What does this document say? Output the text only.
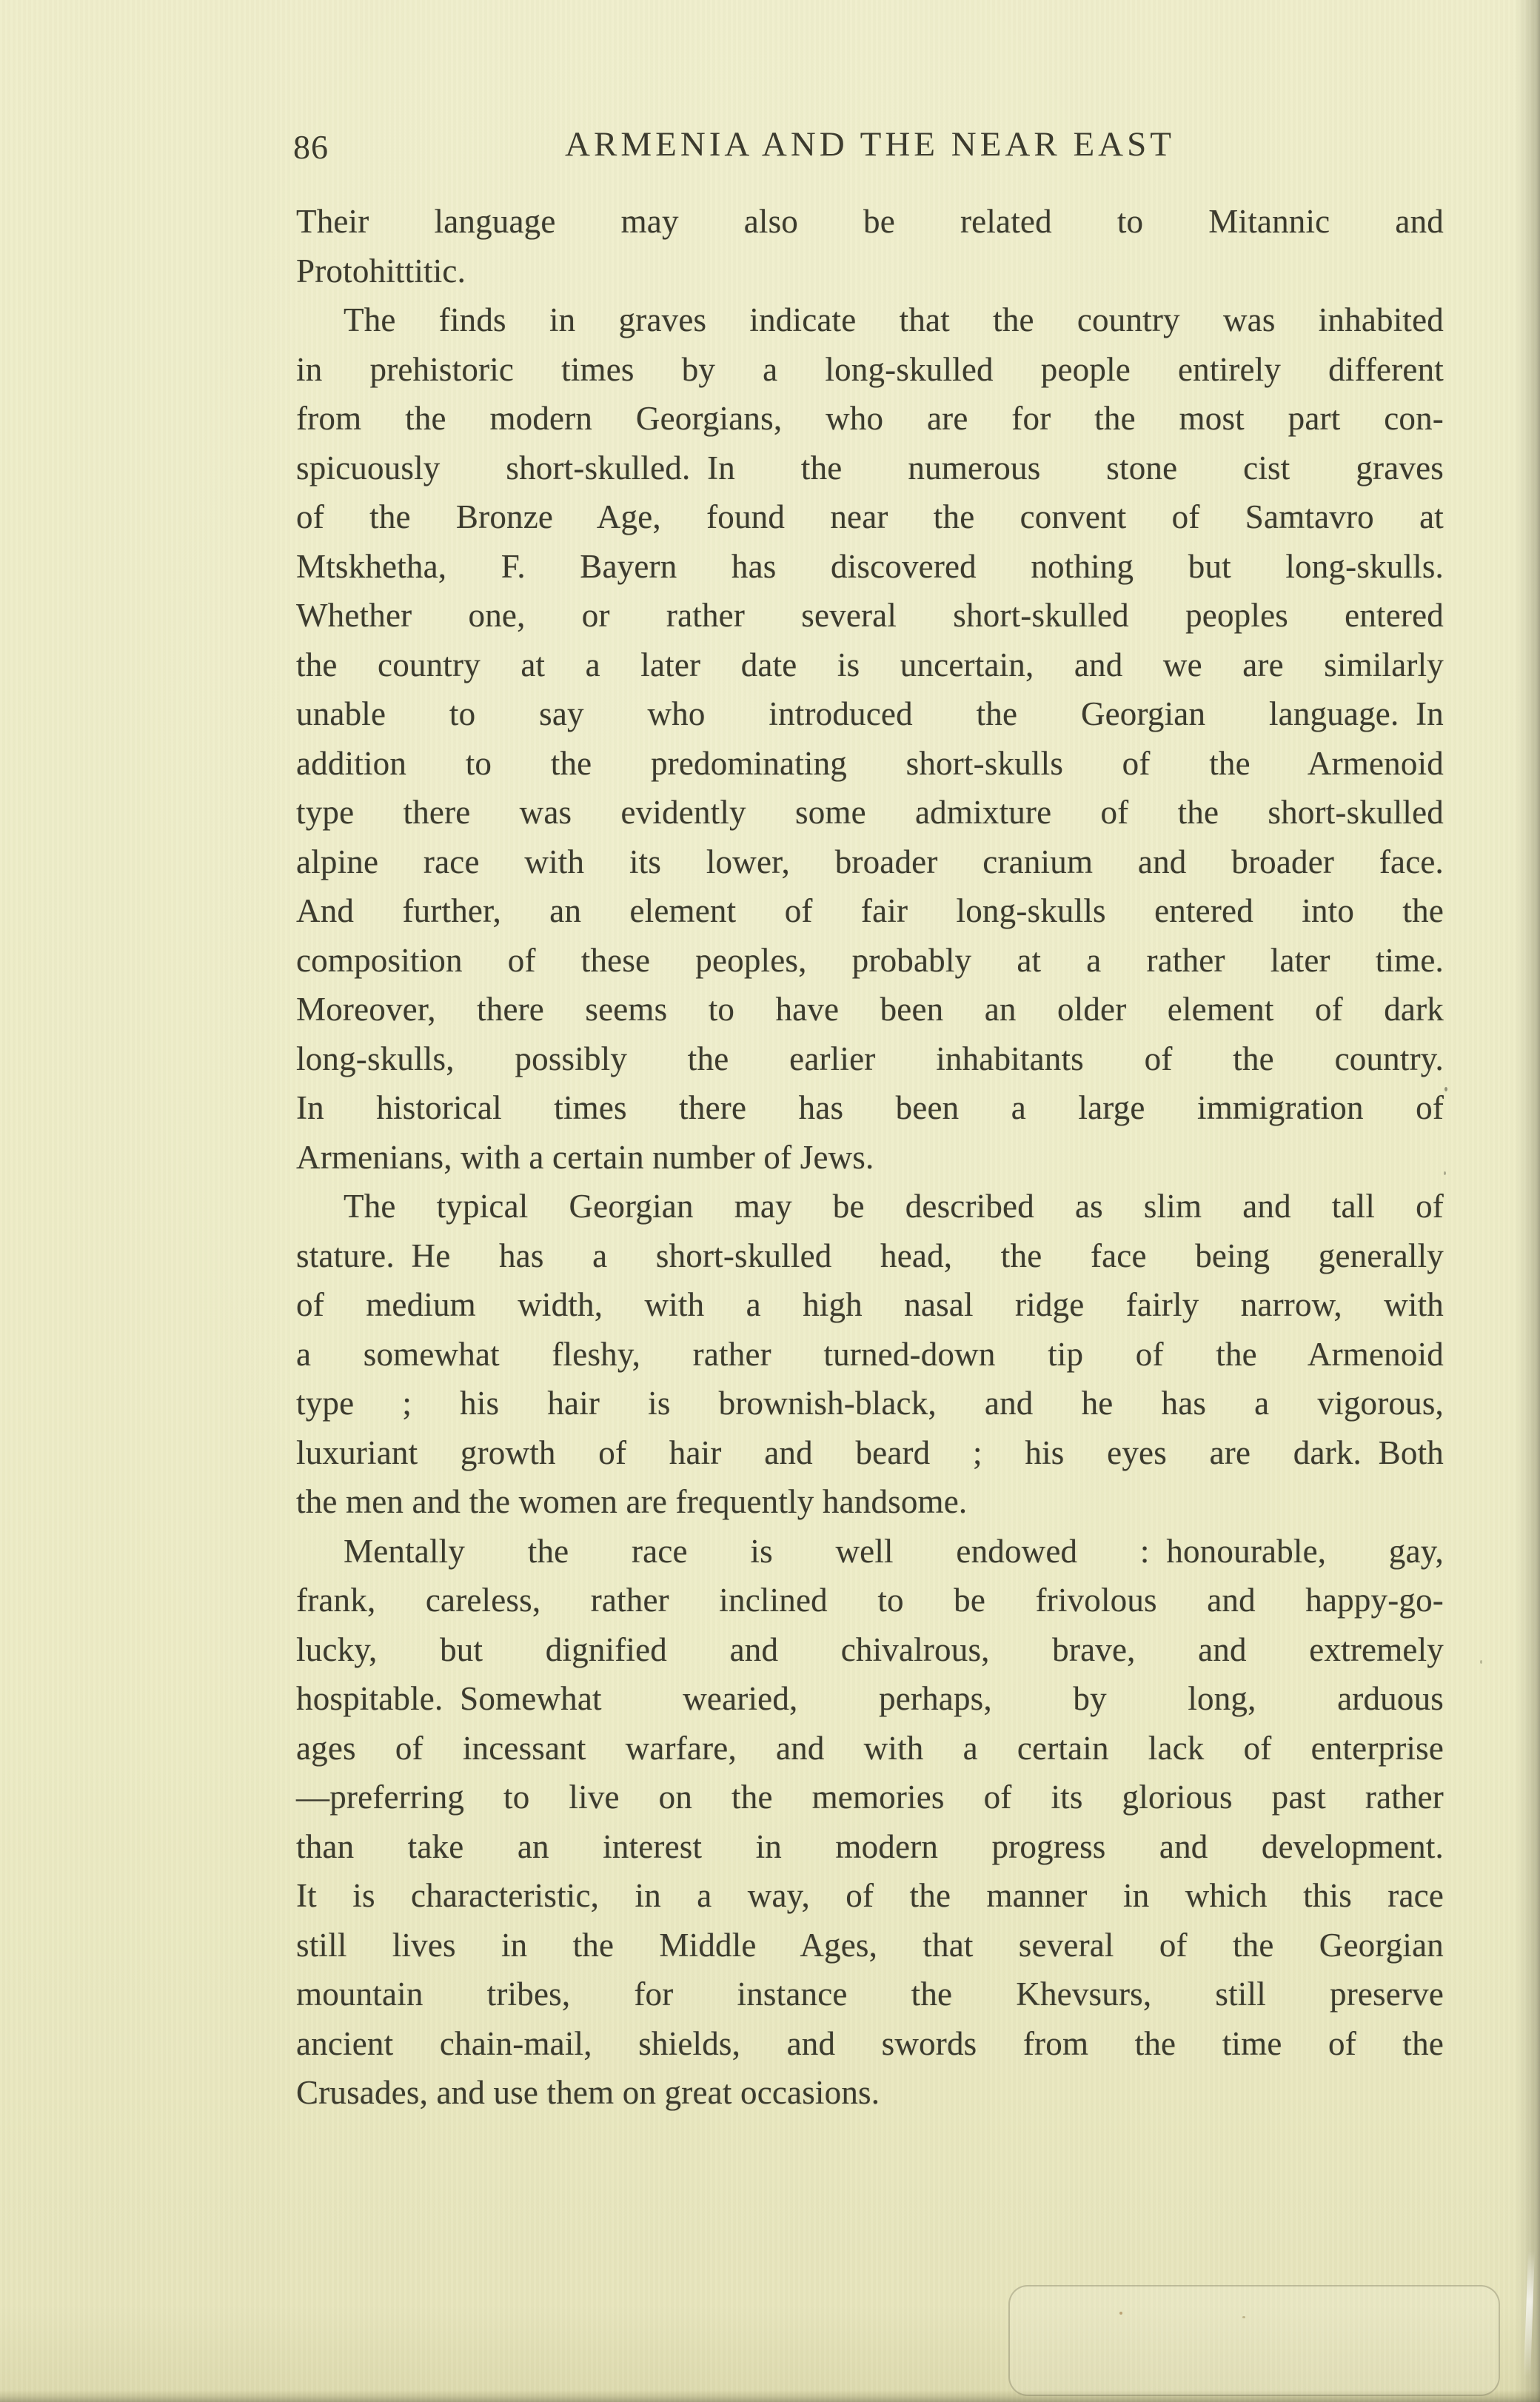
86	ARMENIA AND THE NEAR EAST
Their language may also be related to Mitannic and
Protohittitic.
The finds in graves indicate that the country was inhabited
in prehistoric times by a long-skulled people entirely different
from the modern Georgians, who are for the most part con-
spicuously short-skulled. In the numerous stone cist graves
of the Bronze Age, found near the convent of Samtavro at
Mtskhetha, F. Bayern has discovered nothing but long-skulls.
Whether one, or rather several short-skulled peoples entered
the country at a later date is uncertain, and we are similarly
unable to say who introduced the Georgian language. In
addition to the predominating short-skulls of the Armenoid
type there was evidently some admixture of the short-skulled
alpine race with its lower, broader cranium and broader face.
And further, an element of fair long-skulls entered into the
composition of these peoples, probably at a rather later time.
Moreover, there seems to have been an older element of dark
long-skulls, possibly the earlier inhabitants of the country.
In historical times there has been a large immigration of
Armenians, with a certain number of Jews.
The typical Georgian may be described as slim and tall of
stature. He has a short-skulled head, the face being generally
of medium width, with a high nasal ridge fairly narrow, with
a somewhat fleshy, rather turned-down tip of the Armenoid
type ; his hair is brownish-black, and he has a vigorous,
luxuriant growth of hair and beard ; his eyes are dark. Both
the men and the women are frequently handsome.
Mentally the race is well endowed : honourable, gay,
frank, careless, rather inclined to be frivolous and happy-go-
lucky, but dignified and chivalrous, brave, and extremely
hospitable. Somewhat wearied, perhaps, by long, arduous
ages of incessant warfare, and with a certain lack of enterprise
—preferring to live on the memories of its glorious past rather
than take an interest in modern progress and development.
It is characteristic, in a way, of the manner in which this race
still lives in the Middle Ages, that several of the Georgian
mountain tribes, for instance the Khevsurs, still preserve
ancient chain-mail, shields, and swords from the time of the
Crusades, and use them on great occasions.
